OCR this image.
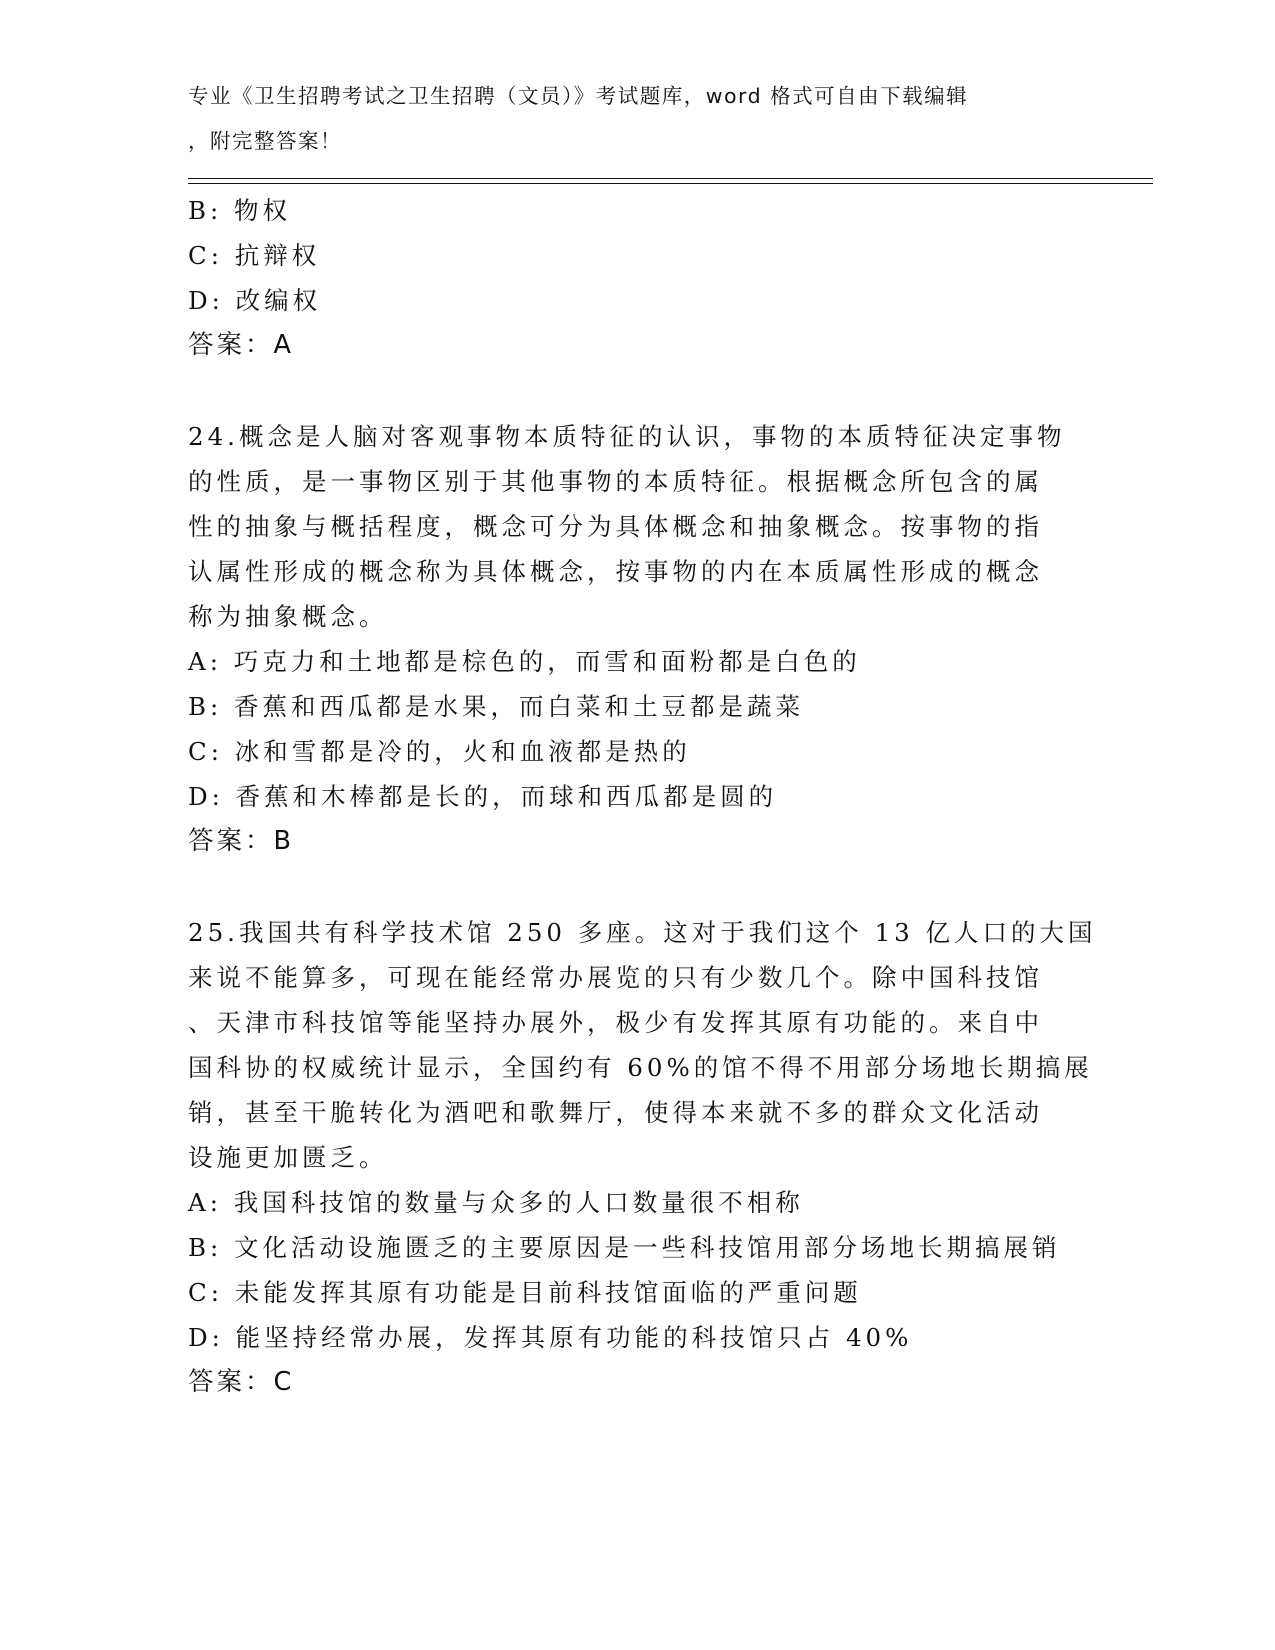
专业《卫生招聘考试之卫生招聘（文员）》考试题库，word 格式可自由下载编辑
，附完整答案！
B: 物权
C: 抗辩权
D: 改编权
答案：A
24.概念是人脑对客观事物本质特征的认识，事物的本质特征决定事物
的性质，是一事物区别于其他事物的本质特征。根据概念所包含的属
性的抽象与概括程度，概念可分为具体概念和抽象概念。按事物的指
认属性形成的概念称为具体概念，按事物的内在本质属性形成的概念
称为抽象概念。
A: 巧克力和土地都是棕色的，而雪和面粉都是白色的
B: 香蕉和西瓜都是水果，而白菜和土豆都是蔬菜
C: 冰和雪都是冷的，火和血液都是热的
D: 香蕉和木棒都是长的，而球和西瓜都是圆的
答案：B
25.我国共有科学技术馆 250 多座。这对于我们这个 13 亿人口的大国
来说不能算多，可现在能经常办展览的只有少数几个。除中国科技馆
、天津市科技馆等能坚持办展外，极少有发挥其原有功能的。来自中
国科协的权威统计显示，全国约有 60%的馆不得不用部分场地长期搞展
销，甚至干脆转化为酒吧和歌舞厅，使得本来就不多的群众文化活动
设施更加匮乏。
A: 我国科技馆的数量与众多的人口数量很不相称
B: 文化活动设施匮乏的主要原因是一些科技馆用部分场地长期搞展销
C: 未能发挥其原有功能是目前科技馆面临的严重问题
D: 能坚持经常办展，发挥其原有功能的科技馆只占 40%
答案：C
